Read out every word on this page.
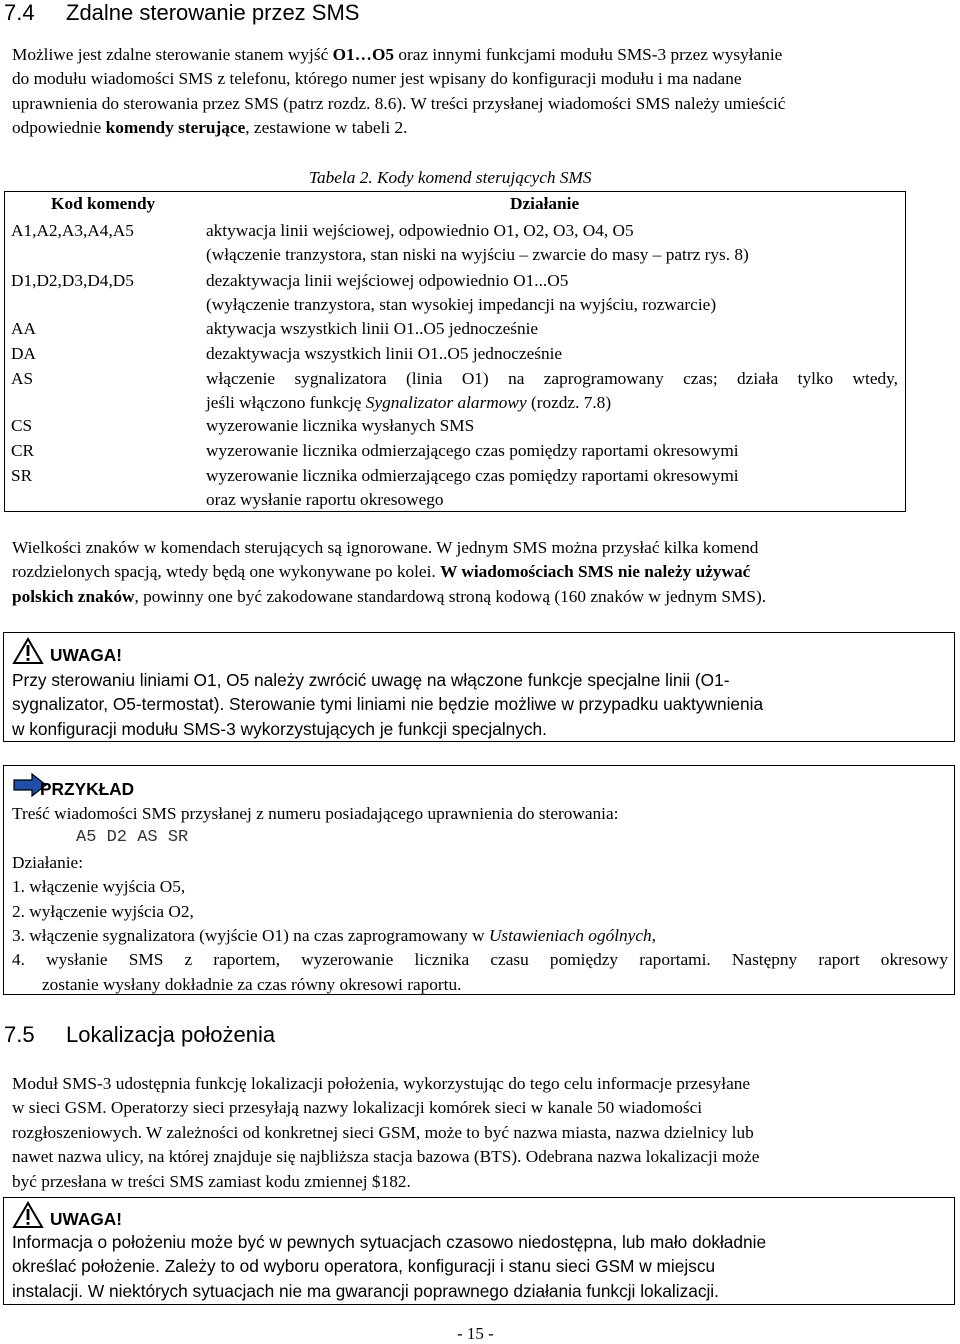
7.4 Zdalne sterowanie przez SMS

Możliwe jest zdalne sterowanie stanem wyjść O1…O5 oraz innymi funkcjami modułu SMS-3 przez wysyłanie

do modułu wiadomości SMS z telefonu, którego numer jest wpisany do konfiguracji modułu i ma nadane

uprawnienia do sterowania przez SMS (patrz rozdz. 8.6). W treści przysłanej wiadomości SMS należy umieścić

odpowiednie komendy sterujące, zestawione w tabeli 2.

Tabela 2. Kody komend sterujących SMS
Kod komendy	Działanie
A1,A2,A3,A4,A5	aktywacja linii wejściowej, odpowiednio O1, O2, O3, O4, O5
(włączenie tranzystora, stan niski na wyjściu – zwarcie do masy – patrz rys. 8)
D1,D2,D3,D4,D5	dezaktywacja linii wejściowej odpowiednio O1...O5
(wyłączenie tranzystora, stan wysokiej impedancji na wyjściu, rozwarcie)
AA	aktywacja wszystkich linii O1..O5 jednocześnie
DA	dezaktywacja wszystkich linii O1..O5 jednocześnie
AS	włączenie sygnalizatora (linia O1) na zaprogramowany czas; działa tylko wtedy,
jeśli włączono funkcję Sygnalizator alarmowy (rozdz. 7.8)
CS	wyzerowanie licznika wysłanych SMS
CR	wyzerowanie licznika odmierzającego czas pomiędzy raportami okresowymi
SR	wyzerowanie licznika odmierzającego czas pomiędzy raportami okresowymi
oraz wysłanie raportu okresowego

Wielkości znaków w komendach sterujących są ignorowane. W jednym SMS można przysłać kilka komend

rozdzielonych spacją, wtedy będą one wykonywane po kolei. W wiadomościach SMS nie należy używać

polskich znaków, powinny one być zakodowane standardową stroną kodową (160 znaków w jednym SMS).

UWAGA!
Przy sterowaniu liniami O1, O5 należy zwrócić uwagę na włączone funkcje specjalne linii (O1-
sygnalizator, O5-termostat). Sterowanie tymi liniami nie będzie możliwe w przypadku uaktywnienia
w konfiguracji modułu SMS-3 wykorzystujących je funkcji specjalnych.
PRZYKŁAD
Treść wiadomości SMS przysłanej z numeru posiadającego uprawnienia do sterowania:
A5 D2 AS SR
Działanie:
1. włączenie wyjścia O5,
2. wyłączenie wyjścia O2,
3. włączenie sygnalizatora (wyjście O1) na czas zaprogramowany w Ustawieniach ogólnych,
4. wysłanie SMS z raportem, wyzerowanie licznika czasu pomiędzy raportami. Następny raport okresowy
zostanie wysłany dokładnie za czas równy okresowi raportu.
7.5 Lokalizacja położenia

Moduł SMS-3 udostępnia funkcję lokalizacji położenia, wykorzystując do tego celu informacje przesyłane

w sieci GSM. Operatorzy sieci przesyłają nazwy lokalizacji komórek sieci w kanale 50 wiadomości

rozgłoszeniowych. W zależności od konkretnej sieci GSM, może to być nazwa miasta, nazwa dzielnicy lub

nawet nazwa ulicy, na której znajduje się najbliższa stacja bazowa (BTS). Odebrana nazwa lokalizacji może

być przesłana w treści SMS zamiast kodu zmiennej $182.

UWAGA!
Informacja o położeniu może być w pewnych sytuacjach czasowo niedostępna, lub mało dokładnie
określać położenie. Zależy to od wyboru operatora, konfiguracji i stanu sieci GSM w miejscu
instalacji. W niektórych sytuacjach nie ma gwarancji poprawnego działania funkcji lokalizacji.
- 15 -
